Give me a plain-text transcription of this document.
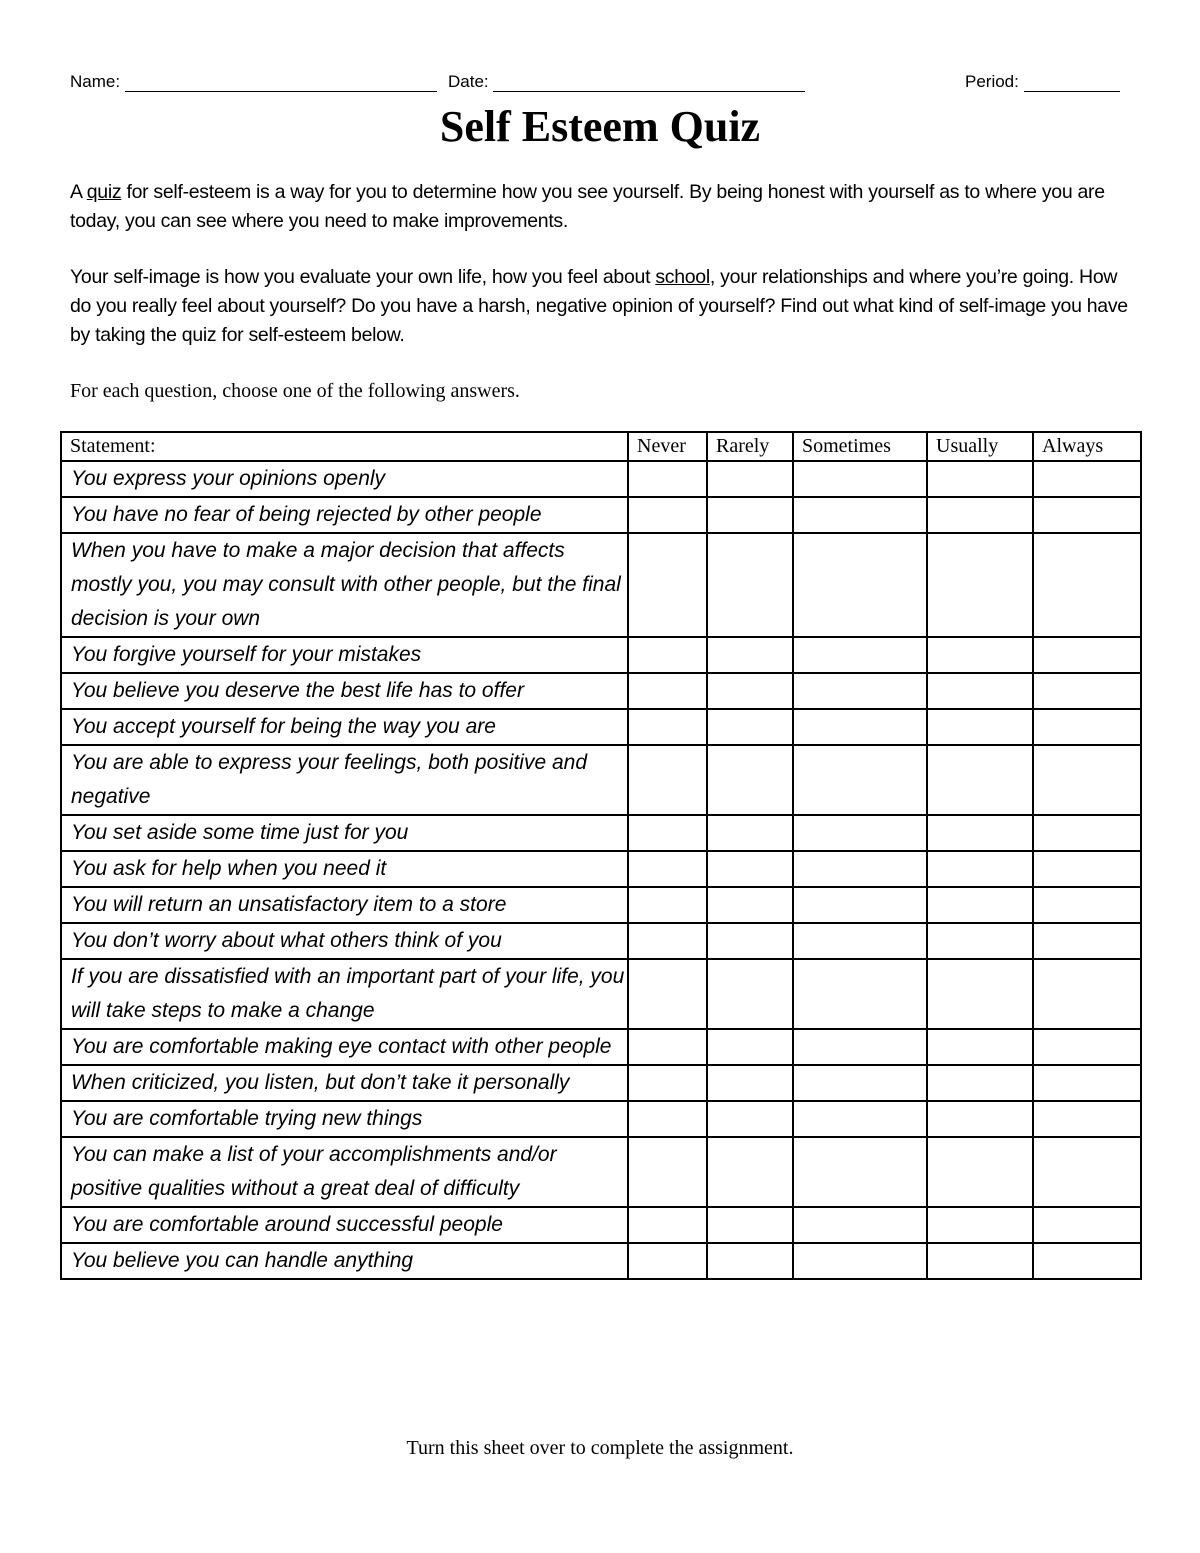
Name:	Date:	Period:
Self Esteem Quiz
A quiz for self-esteem is a way for you to determine how you see yourself. By being honest with yourself as to where you are today, you can see where you need to make improvements.
Your self-image is how you evaluate your own life, how you feel about school, your relationships and where you’re going. How do you really feel about yourself? Do you have a harsh, negative opinion of yourself? Find out what kind of self-image you have by taking the quiz for self-esteem below.
For each question, choose one of the following answers.
Statement:	Never	Rarely	Sometimes	Usually	Always
You express your opinions openly					
You have no fear of being rejected by other people					
When you have to make a major decision that affects mostly you, you may consult with other people, but the final decision is your own					
You forgive yourself for your mistakes					
You believe you deserve the best life has to offer					
You accept yourself for being the way you are					
You are able to express your feelings, both positive and negative					
You set aside some time just for you					
You ask for help when you need it					
You will return an unsatisfactory item to a store					
You don’t worry about what others think of you					
If you are dissatisfied with an important part of your life, you will take steps to make a change					
You are comfortable making eye contact with other people					
When criticized, you listen, but don’t take it personally					
You are comfortable trying new things					
You can make a list of your accomplishments and/or positive qualities without a great deal of difficulty					
You are comfortable around successful people					
You believe you can handle anything					
Turn this sheet over to complete the assignment.
